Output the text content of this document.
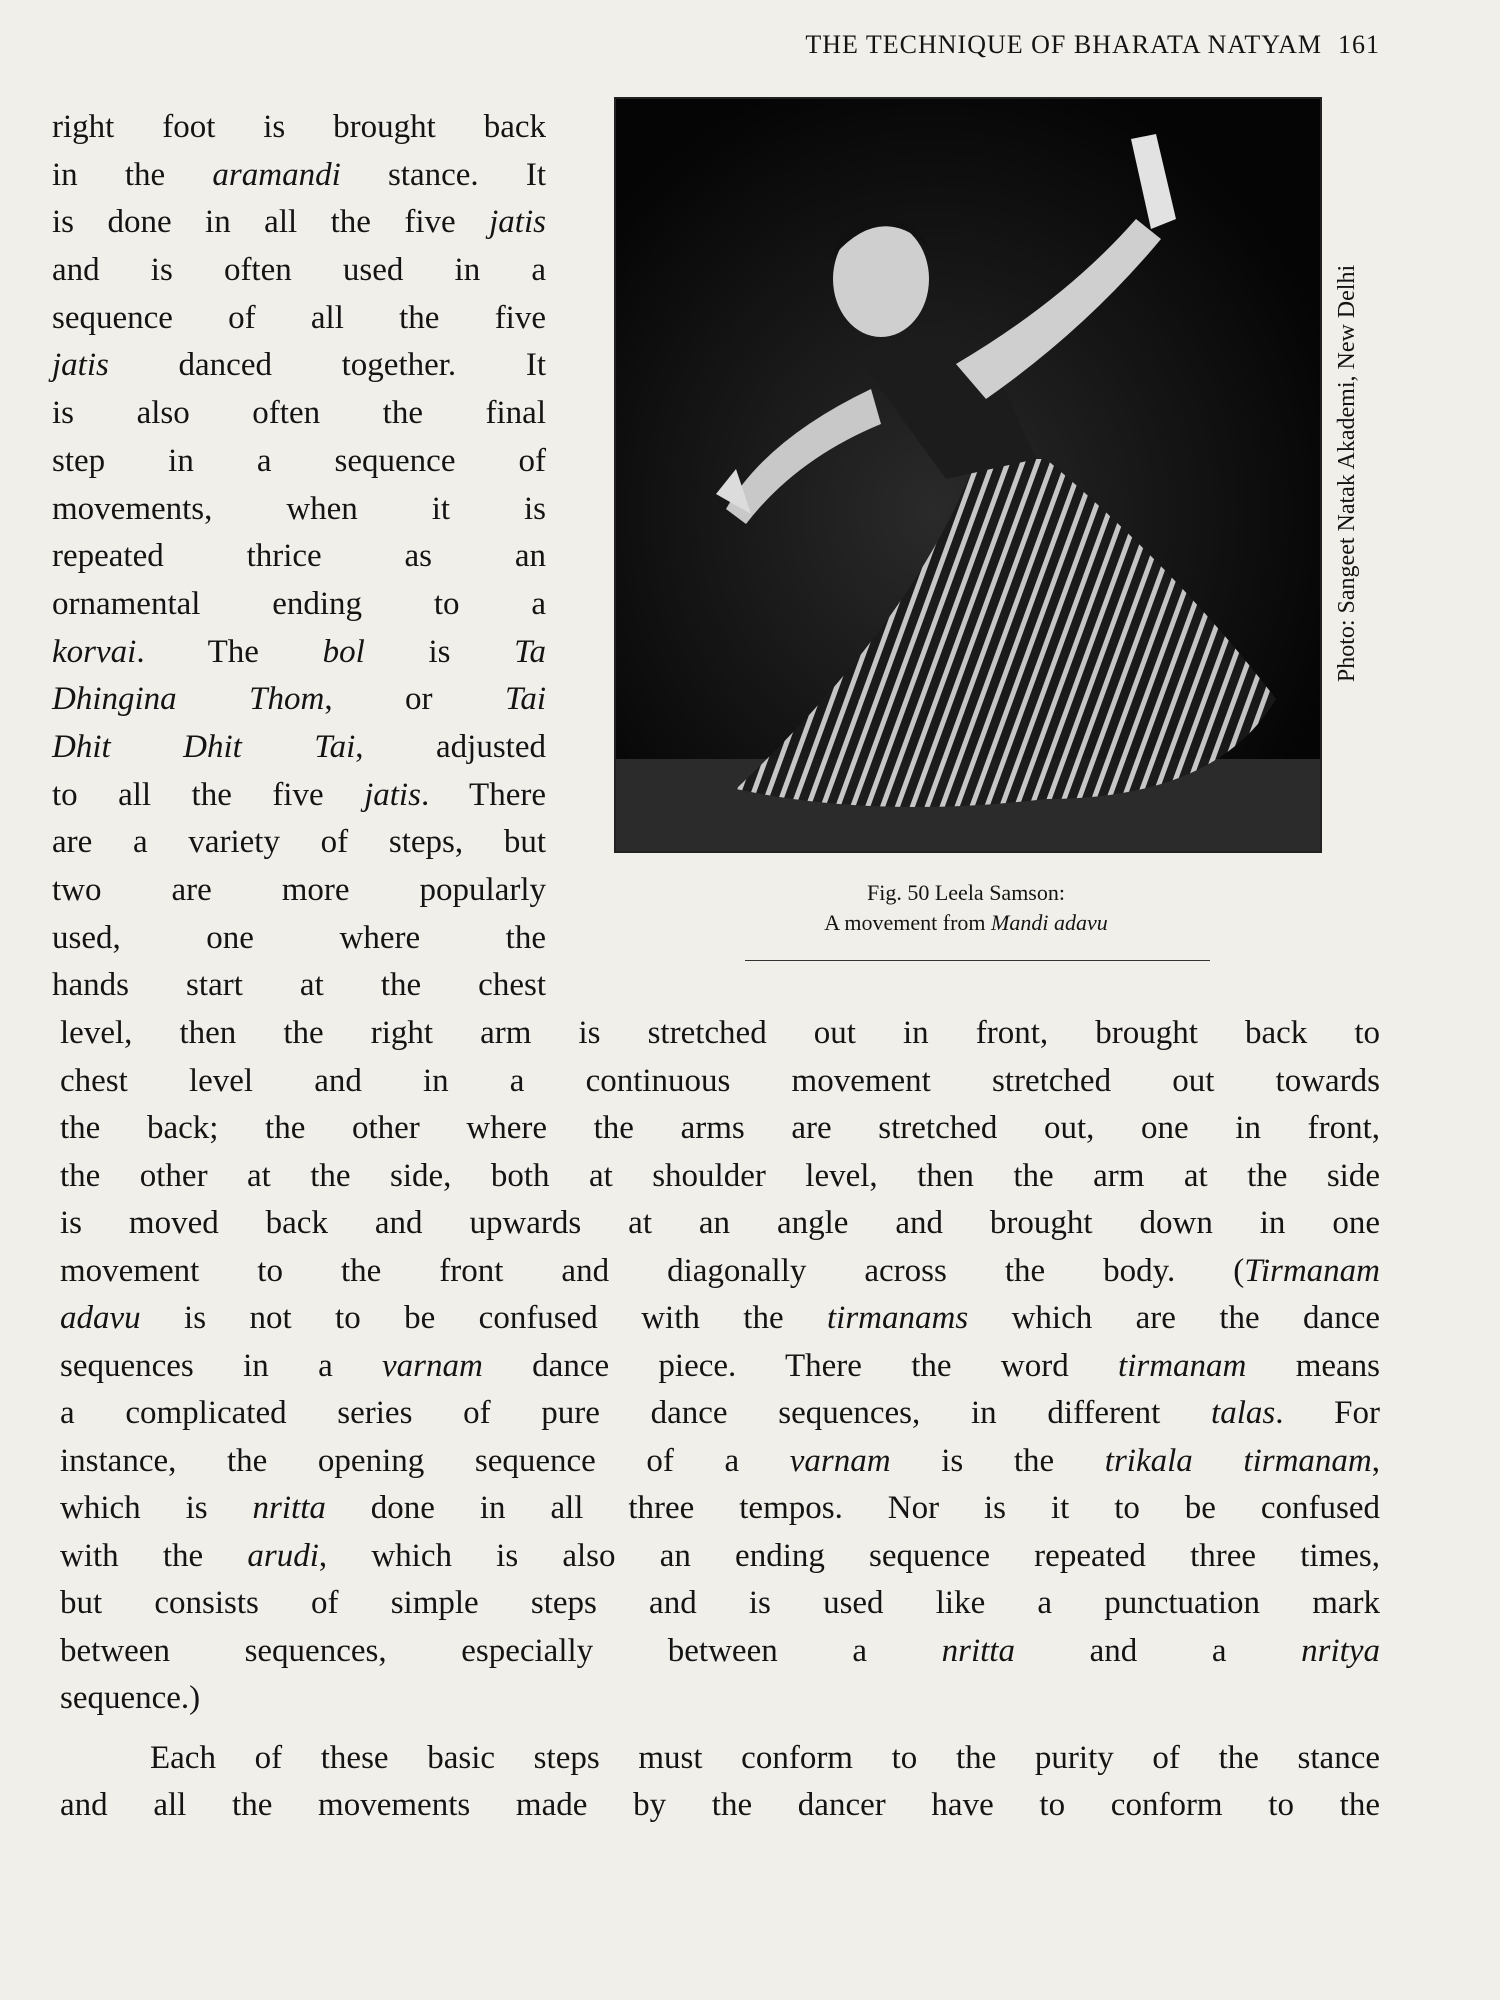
THE TECHNIQUE OF BHARATA NATYAM 161
Photo: Sangeet Natak Akademi, New Delhi
Fig. 50 Leela Samson:
A movement from Mandi adavu
right foot is brought back
in the aramandi stance. It
is done in all the five jatis
and is often used in a
sequence of all the five
jatis danced together. It
is also often the final
step in a sequence of
movements, when it is
repeated thrice as an
ornamental ending to a
korvai. The bol is Ta
Dhingina Thom, or Tai
Dhit Dhit Tai, adjusted
to all the five jatis. There
are a variety of steps, but
two are more popularly
used, one where the
hands start at the chest
level, then the right arm is stretched out in front, brought back to
chest level and in a continuous movement stretched out towards
the back; the other where the arms are stretched out, one in front,
the other at the side, both at shoulder level, then the arm at the side
is moved back and upwards at an angle and brought down in one
movement to the front and diagonally across the body. (Tirmanam
adavu is not to be confused with the tirmanams which are the dance
sequences in a varnam dance piece. There the word tirmanam means
a complicated series of pure dance sequences, in different talas. For
instance, the opening sequence of a varnam is the trikala tirmanam,
which is nritta done in all three tempos. Nor is it to be confused
with the arudi, which is also an ending sequence repeated three times,
but consists of simple steps and is used like a punctuation mark
between sequences, especially between a nritta and a nritya
sequence.)
Each of these basic steps must conform to the purity of the stance
and all the movements made by the dancer have to conform to the
